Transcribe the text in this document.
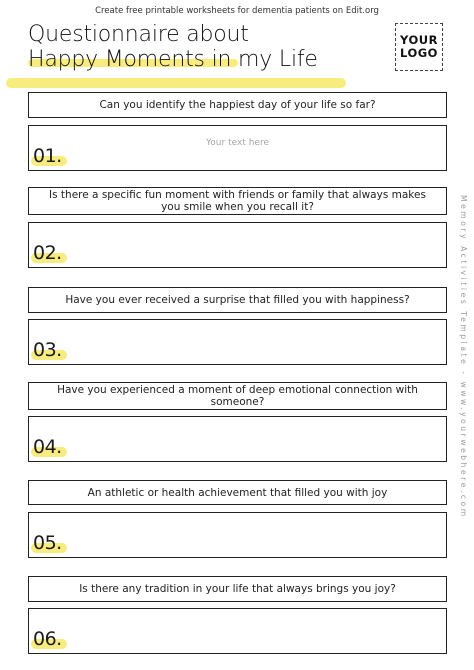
Create free printable worksheets for dementia patients on Edit.org
Questionnaire about
Happy Moments in my Life
YOUR
LOGO
Memory Activities Template - www.yourwebhere.com
Can you identify the happiest day of your life so far?
Your text here
01.
Is there a specific fun moment with friends or family that always makes you smile when you recall it?
02.
Have you ever received a surprise that filled you with happiness?
03.
Have you experienced a moment of deep emotional connection with someone?
04.
An athletic or health achievement that filled you with joy
05.
Is there any tradition in your life that always brings you joy?
06.
